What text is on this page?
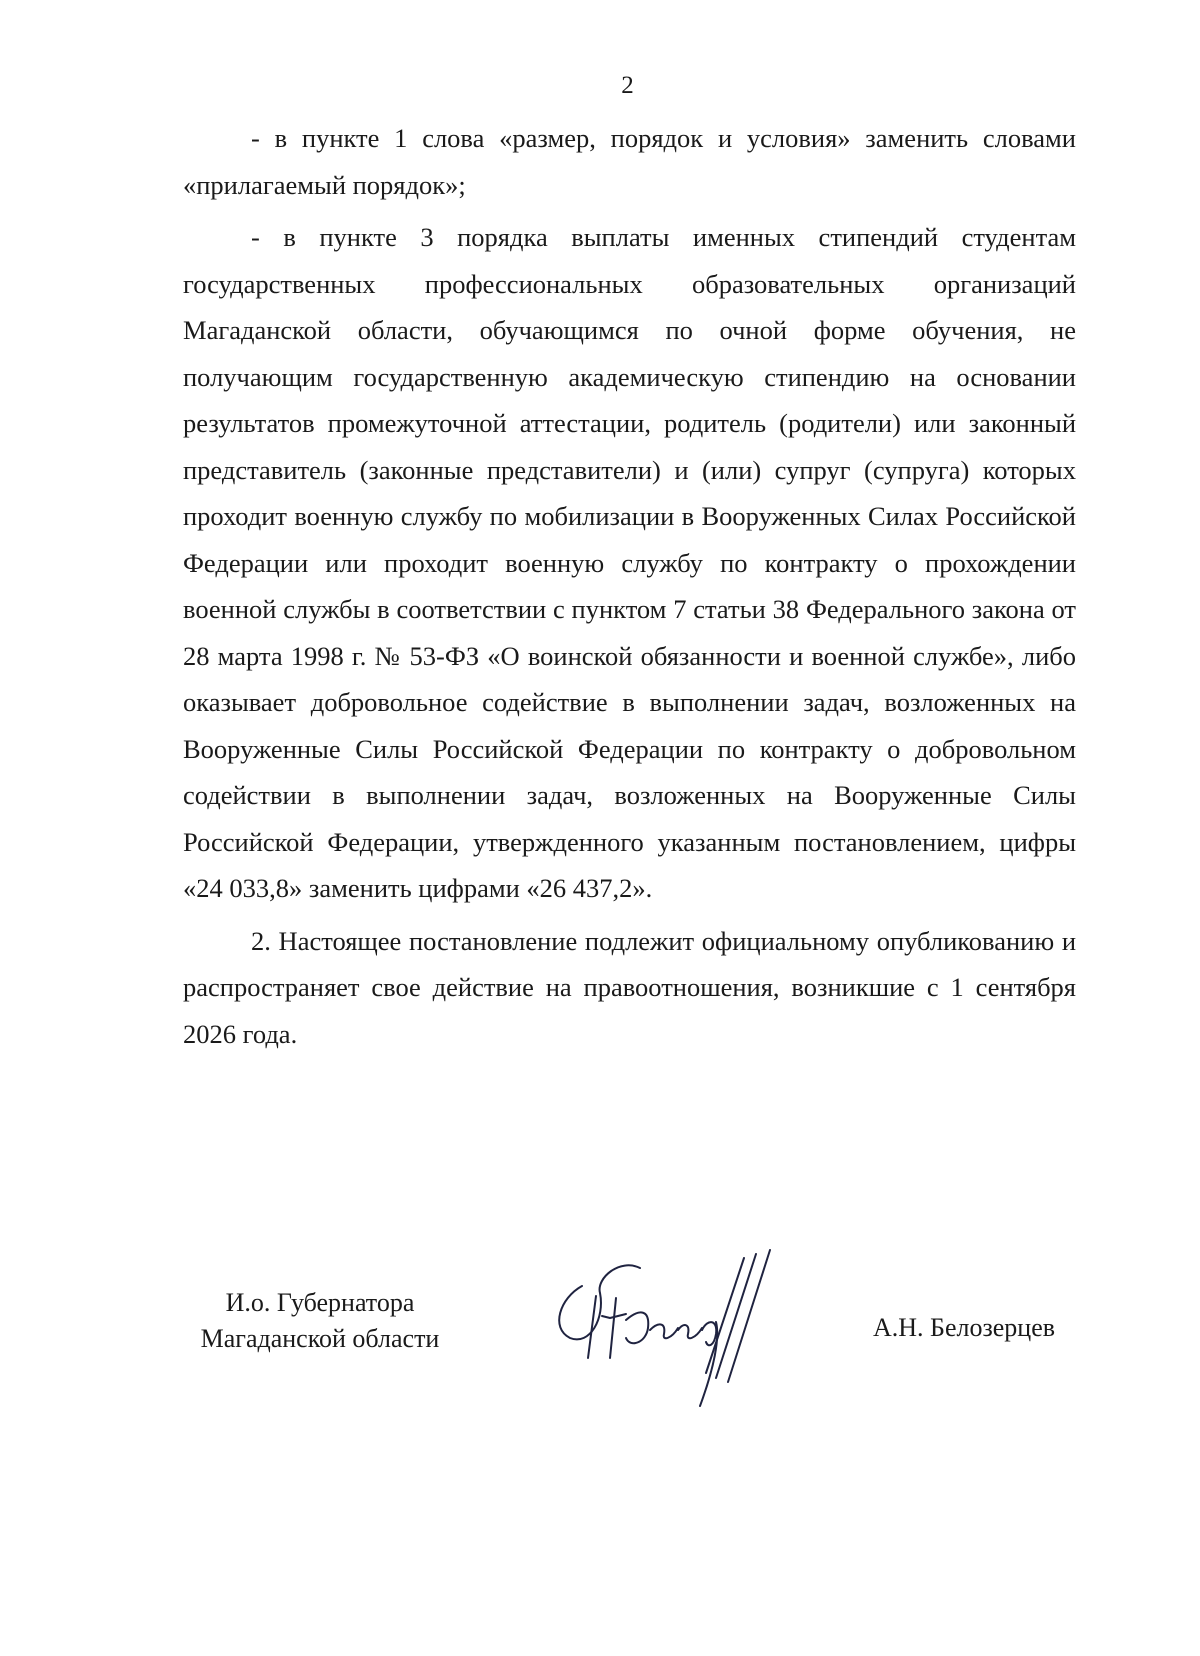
2

- в пункте 1 слова «размер, порядок и условия» заменить словами «прилагаемый порядок»;

- в пункте 3 порядка выплаты именных стипендий студентам государственных профессиональных образовательных организаций Магаданской области, обучающимся по очной форме обучения, не получающим государственную академическую стипендию на основании результатов промежуточной аттестации, родитель (родители) или законный представитель (законные представители) и (или) супруг (супруга) которых проходит военную службу по мобилизации в Вооруженных Силах Российской Федерации или проходит военную службу по контракту о прохождении военной службы в соответствии с пунктом 7 статьи 38 Федерального закона от 28 марта 1998 г. № 53-ФЗ «О воинской обязанности и военной службе», либо оказывает добровольное содействие в выполнении задач, возложенных на Вооруженные Силы Российской Федерации по контракту о добровольном содействии в выполнении задач, возложенных на Вооруженные Силы Российской Федерации, утвержденного указанным постановлением, цифры «24 033,8» заменить цифрами «26 437,2».

2. Настоящее постановление подлежит официальному опубликованию и распространяет свое действие на правоотношения, возникшие с 1 сентября 2026 года.

И.о. Губернатора
Магаданской области	А.Н. Белозерцев
